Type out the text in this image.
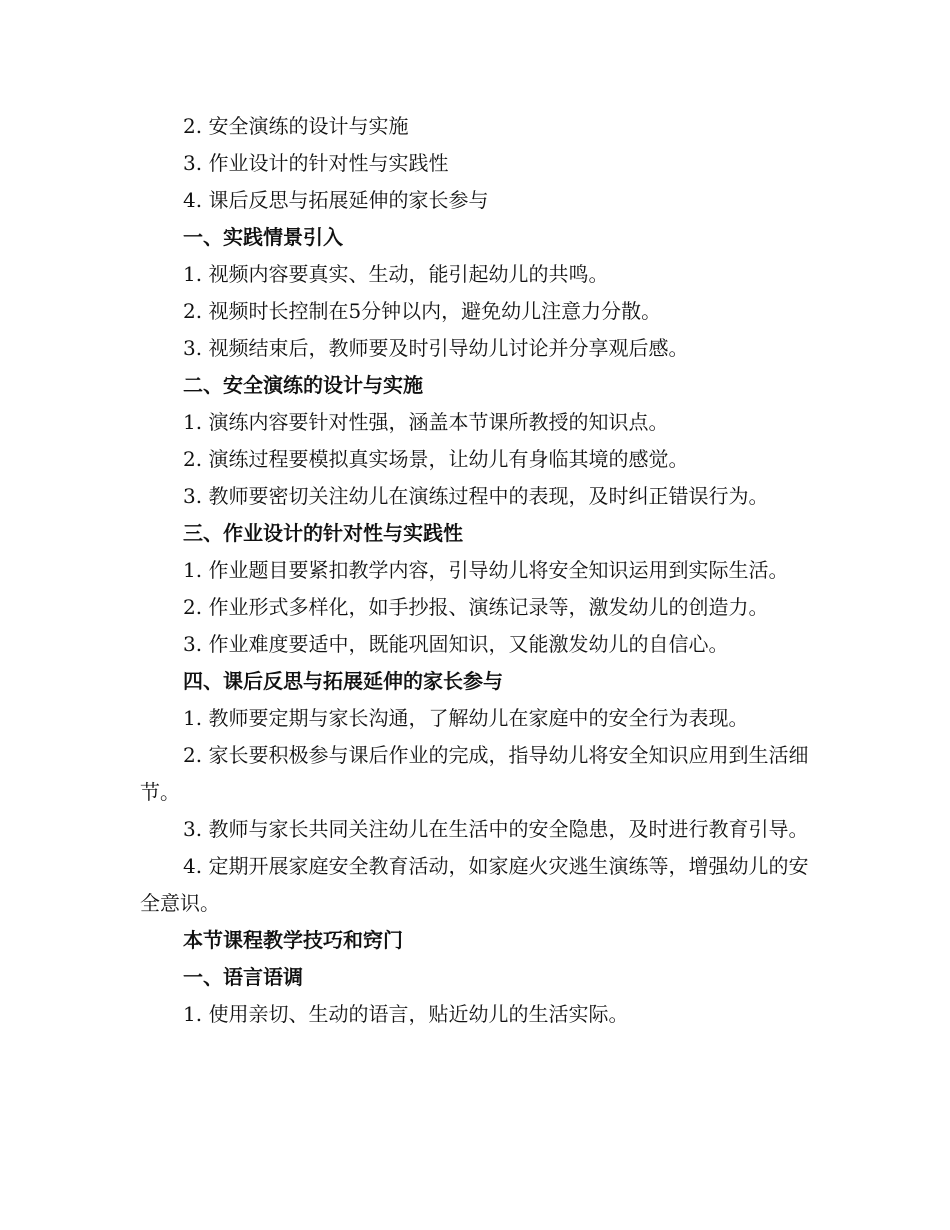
2. 安全演练的设计与实施

3. 作业设计的针对性与实践性

4. 课后反思与拓展延伸的家长参与

一、实践情景引入

1. 视频内容要真实、生动，能引起幼儿的共鸣。

2. 视频时长控制在5分钟以内，避免幼儿注意力分散。

3. 视频结束后，教师要及时引导幼儿讨论并分享观后感。

二、安全演练的设计与实施

1. 演练内容要针对性强，涵盖本节课所教授的知识点。

2. 演练过程要模拟真实场景，让幼儿有身临其境的感觉。

3. 教师要密切关注幼儿在演练过程中的表现，及时纠正错误行为。

三、作业设计的针对性与实践性

1. 作业题目要紧扣教学内容，引导幼儿将安全知识运用到实际生活。

2. 作业形式多样化，如手抄报、演练记录等，激发幼儿的创造力。

3. 作业难度要适中，既能巩固知识，又能激发幼儿的自信心。

四、课后反思与拓展延伸的家长参与

1. 教师要定期与家长沟通，了解幼儿在家庭中的安全行为表现。

2. 家长要积极参与课后作业的完成，指导幼儿将安全知识应用到生活细节。

3. 教师与家长共同关注幼儿在生活中的安全隐患，及时进行教育引导。

4. 定期开展家庭安全教育活动，如家庭火灾逃生演练等，增强幼儿的安全意识。

本节课程教学技巧和窍门

一、语言语调

1. 使用亲切、生动的语言，贴近幼儿的生活实际。
